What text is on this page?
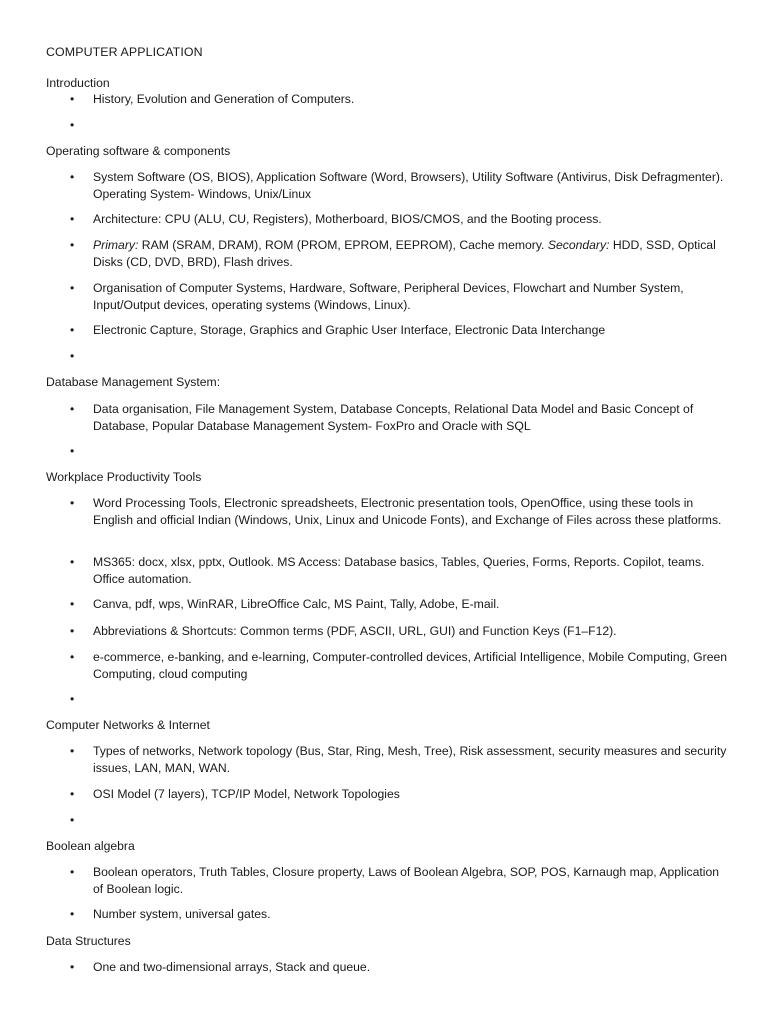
COMPUTER APPLICATION

Introduction

•	History, Evolution and Generation of Computers.
•

Operating software & components

•	System Software (OS, BIOS), Application Software (Word, Browsers), Utility Software (Antivirus, Disk Defragmenter). Operating System- Windows, Unix/Linux
•	Architecture: CPU (ALU, CU, Registers), Motherboard, BIOS/CMOS, and the Booting process.
•	Primary: RAM (SRAM, DRAM), ROM (PROM, EPROM, EEPROM), Cache memory. Secondary: HDD, SSD, Optical Disks (CD, DVD, BRD), Flash drives.
•	Organisation of Computer Systems, Hardware, Software, Peripheral Devices, Flowchart and Number System, Input/Output devices, operating systems (Windows, Linux).
•	Electronic Capture, Storage, Graphics and Graphic User Interface, Electronic Data Interchange
•

Database Management System:

•	Data organisation, File Management System, Database Concepts, Relational Data Model and Basic Concept of Database, Popular Database Management System- FoxPro and Oracle with SQL
•

Workplace Productivity Tools

•	Word Processing Tools, Electronic spreadsheets, Electronic presentation tools, OpenOffice, using these tools in English and official Indian (Windows, Unix, Linux and Unicode Fonts), and Exchange of Files across these platforms.
•	MS365: docx, xlsx, pptx, Outlook. MS Access: Database basics, Tables, Queries, Forms, Reports. Copilot, teams. Office automation.
•	Canva, pdf, wps, WinRAR, LibreOffice Calc, MS Paint, Tally, Adobe, E-mail.
•	Abbreviations & Shortcuts: Common terms (PDF, ASCII, URL, GUI) and Function Keys (F1–F12).
•	e-commerce, e-banking, and e-learning, Computer-controlled devices, Artificial Intelligence, Mobile Computing, Green Computing, cloud computing
•

Computer Networks & Internet

•	Types of networks, Network topology (Bus, Star, Ring, Mesh, Tree), Risk assessment, security measures and security issues, LAN, MAN, WAN.
•	OSI Model (7 layers), TCP/IP Model, Network Topologies
•

Boolean algebra

•	Boolean operators, Truth Tables, Closure property, Laws of Boolean Algebra, SOP, POS, Karnaugh map, Application of Boolean logic.
•	Number system, universal gates.

Data Structures

•	One and two-dimensional arrays, Stack and queue.
